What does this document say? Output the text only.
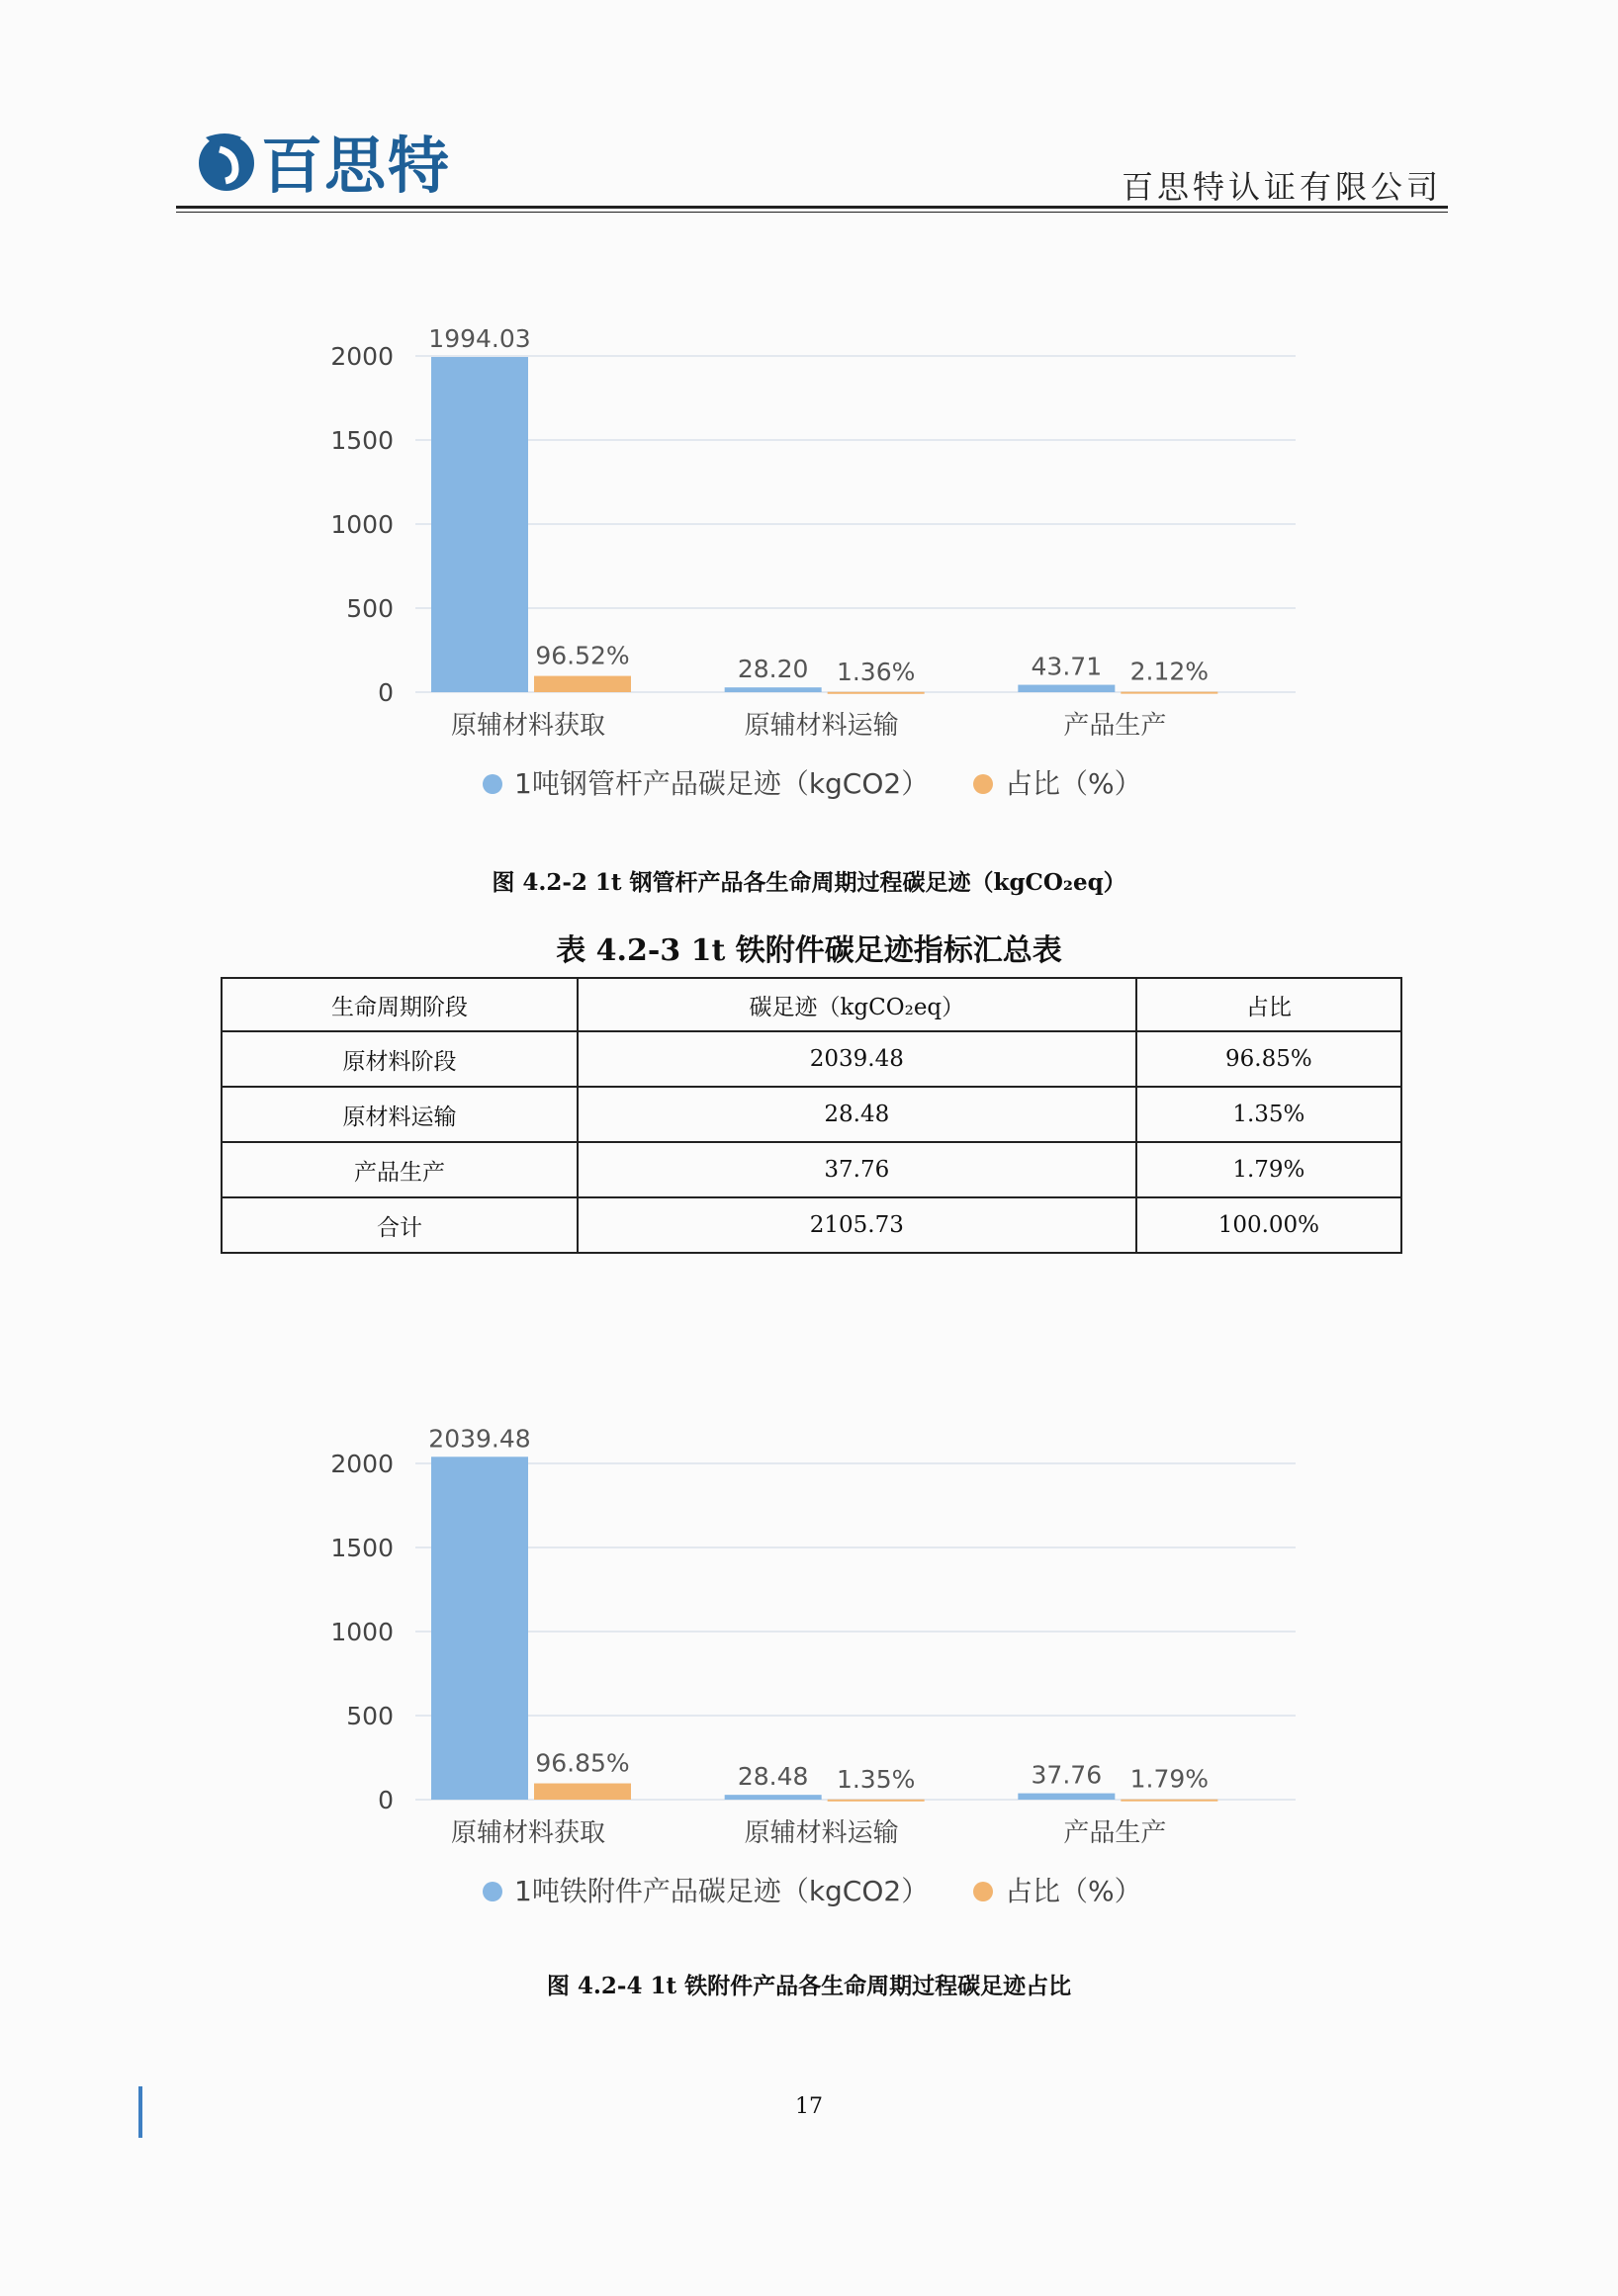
百思特	百思特认证有限公司
0
500
1000
1500
2000
1994.03
96.52%
原辅材料获取
28.20 1.36%
原辅材料运输
43.71 2.12%
产品生产
1吨钢管杆产品碳足迹（kgCO2）	占比（%）
图 4.2-2 1t 钢管杆产品各生命周期过程碳足迹（kgCO₂eq）
表 4.2-3 1t 铁附件碳足迹指标汇总表
生命周期阶段	碳足迹（kgCO₂eq）	占比
原材料阶段	2039.48	96.85%
原材料运输	28.48	1.35%
产品生产	37.76	1.79%
合计	2105.73	100.00%
0
500
1000
1500
2000
2039.48
96.85%
原辅材料获取
28.48 1.35%
原辅材料运输
37.76 1.79%
产品生产
1吨铁附件产品碳足迹（kgCO2）	占比（%）
图 4.2-4 1t 铁附件产品各生命周期过程碳足迹占比
17
